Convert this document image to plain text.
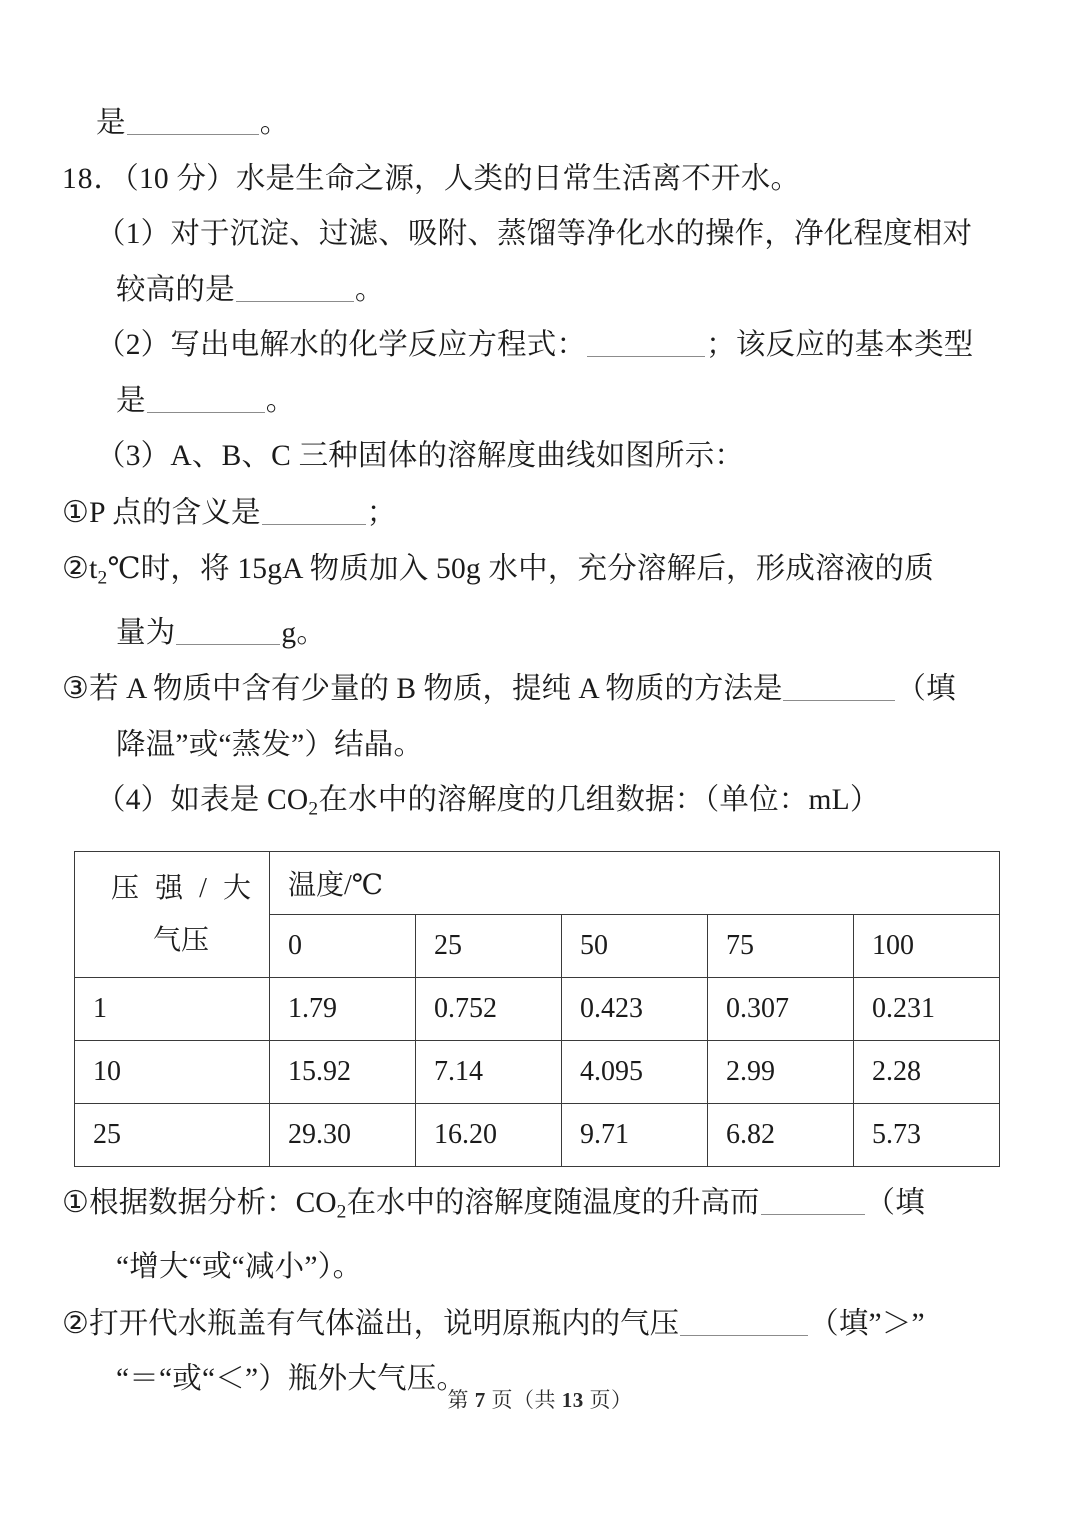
是	。
18．（10 分）水是生命之源，人类的日常生活离不开水。
（1）对于沉淀、过滤、吸附、蒸馏等净化水的操作，净化程度相对
较高的是	。
（2）写出电解水的化学反应方程式：	；该反应的基本类型
是	。
（3）A、B、C 三种固体的溶解度曲线如图所示：
①P 点的含义是	；
$②t_2℃$时，将 15gA 物质加入 50g 水中，充分溶解后，形成溶液的质
量为	g。
③若 A 物质中含有少量的 B 物质，提纯 A 物质的方法是	（填
降温”或“蒸发”）结晶。
（4）如表是 $CO_2$在水中的溶解度的几组数据：（单位：mL）
压 强 / 大
气压	温度/℃				
	0	25	50	75	100
1	1.79	0.752	0.423	0.307	0.231
10	15.92	7.14	4.095	2.99	2.28
25	29.30	16.20	9.71	6.82	5.73
①根据数据分析：$CO_2$在水中的溶解度随温度的升高而	（填
“增大“或“减小”）。
②打开代水瓶盖有气体溢出，说明原瓶内的气压	（填”＞”
“＝“或“＜”）瓶外大气压。
第 7 页（共 13 页）
